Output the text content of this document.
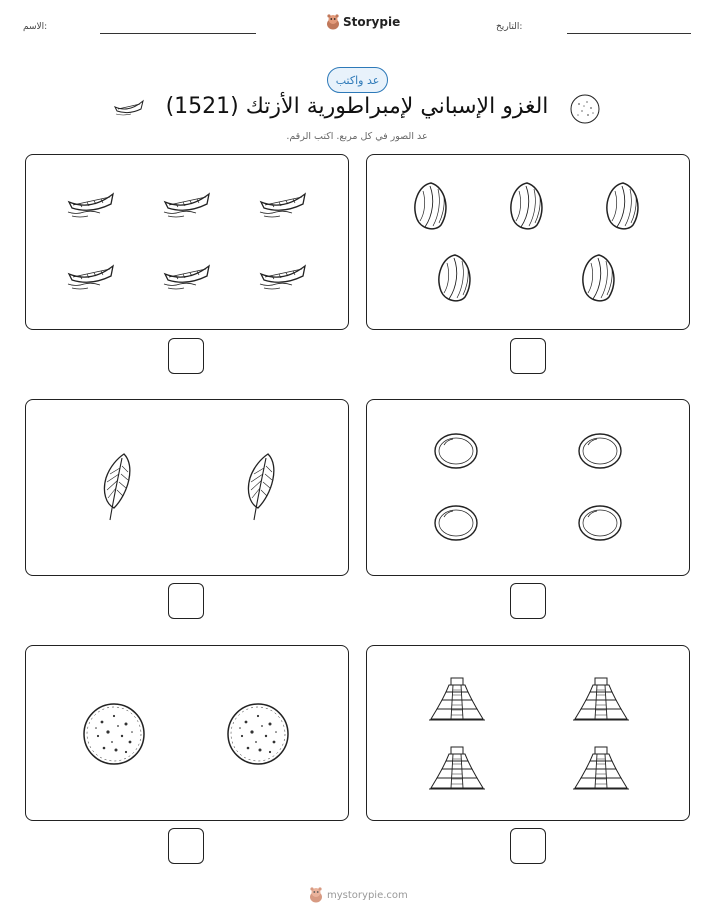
الاسم:	Storypie	التاريخ:
عد واكتب
الغزو الإسباني لإمبراطورية الأزتك (1521)
عد الصور في كل مربع. اكتب الرقم.
mystorypie.com
